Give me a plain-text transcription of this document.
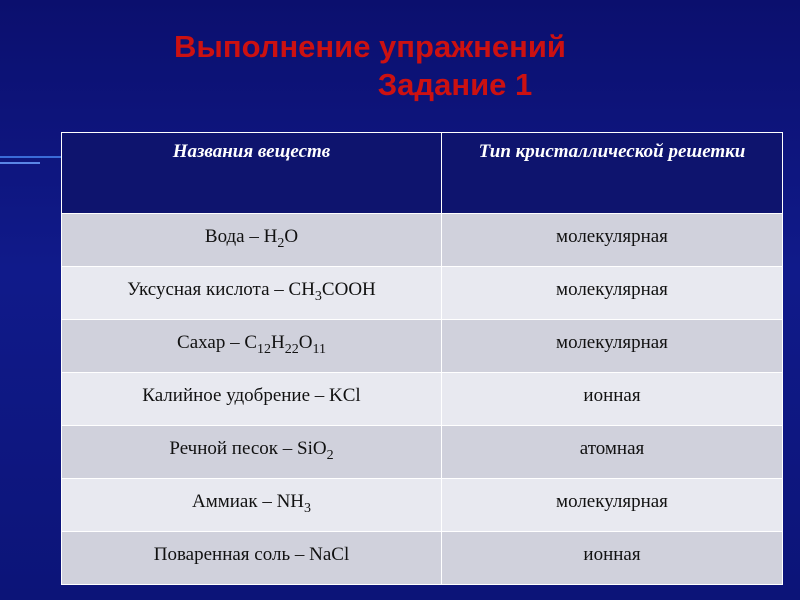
Выполнение упражнений
Задание 1
Названия веществ	Тип кристаллической решетки
Вода – $H_2O$	молекулярная
Уксусная кислота – $CH_3COOH$	молекулярная
Сахар – $C_{12}H_{22}O_{11}$	молекулярная
Калийное удобрение – KCl	ионная
Речной песок – SiO$_2$	атомная
Аммиак – $NH_3$	молекулярная
Поваренная соль – NaCl	ионная
